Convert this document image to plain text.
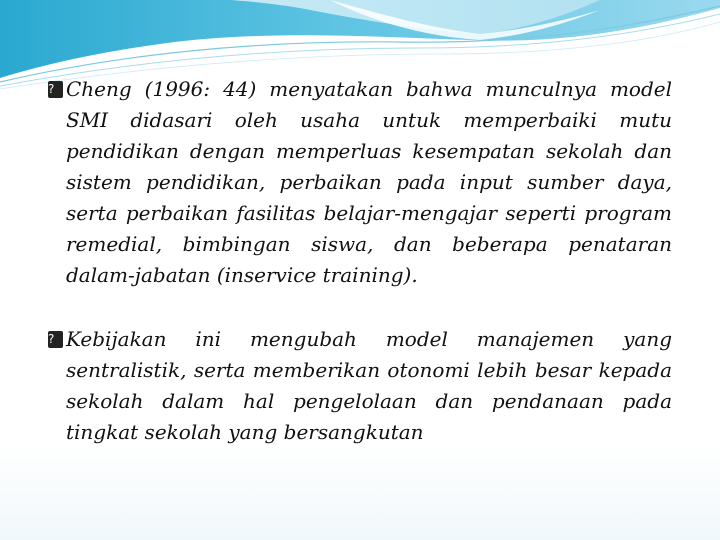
? Cheng (1996: 44) menyatakan bahwa munculnya model SMI didasari oleh usaha untuk memperbaiki mutu pendidikan dengan memperluas kesempatan sekolah dan sistem pendidikan, perbaikan pada input sumber daya, serta perbaikan fasilitas belajar-mengajar seperti program remedial, bimbingan siswa, dan beberapa penataran dalam-jabatan (inservice training).

? Kebijakan ini mengubah model manajemen yang sentralistik, serta memberikan otonomi lebih besar kepada sekolah dalam hal pengelolaan dan pendanaan pada tingkat sekolah yang bersangkutan
